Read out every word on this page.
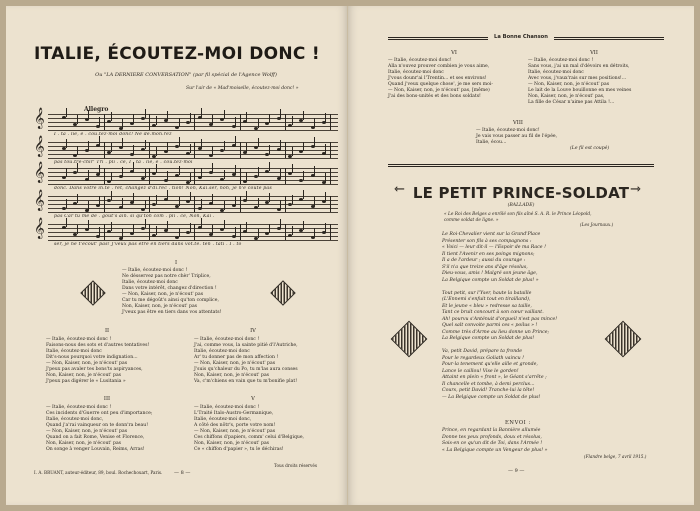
ITALIE, ÉCOUTEZ-MOI DONC !
Ou "LA DERNIERE CONVERSATION" (par fil spécial de l'Agence Wolff)
Sur l'air de « Mad'moiselle, écoutez-moi donc! »
Allegro
𝄞
I . ta . lie, é . cou.tez-moi donc! Ne de.mon.rez
𝄞
pas tou.tre-chir' Tri . pli . ce, I . ta . lie, é . cou.tez-moi
𝄞
donc. Dans votre in.té . rêt, changez d'di.rec . tion! Non, Kai.ser, non, je n'è coute pas
𝄞
pas Car tu me dé . goût's ain. si qu'ton com . pli . ce, Non, Kai .
𝄞
ser, je ne t'écout' pas! J'veux pas être en tiers dans vot.te. ten . tati . I . to
I
— Italie, écoutez-moi donc !
Ne désservez pas notre chèr' Triplice,
Italie, écoutez-moi donc
Dans votre intérêt, changez d'direction !
— Non, Kaiser, non, je n'écout' pas
Car tu me dégoût's ainsi qu'ton complice,
Non, Kaiser, non, je n'écout' pas
J'veux pas être en tiers dans vos attentats!
II
— Italie, écoutez-moi donc !
Faisons-nous des sots et d'autres tentatives!
Italie, écoutez-moi donc
Dit's-nous pourquoi votre indignation...
— Non, Kaiser, non, je n'écout' pas
J'peux pas avaler tes bons'ts aspiryances,
Non, Kaiser, non, je n'écout' pas
J'peux pas digérer le « Lusitania »
IV
— Italie, écoutez-moi donc !
J'ai, comme vous, la sainte pitié d'l'Autriche,
Italie, écoutez-moi donc
Ar' tu donner pas de mon affection !
— Non, Kaiser, non, je n'écout' pas
J'suis qu'chaleur du Po, tu m'las aura conses
Non, Kaiser, non, je n'écout' pas
Va, c'm'chiens en vain que tu m'bonifie plat!
III
— Italie, écoutez-moi donc !
Ces incidents d'Guerre ont peu d'importance;
Italie, écoutez-moi donc,
Quand j'a'rai vainqueur on te donn'ra beau!
— Non, Kaiser, non, je n'écout' pas
Quand on a fait Rome, Venise et Florence,
Non, Kaiser, non, je n'écout' pas
On songe à venger Louvain, Reims, Arras!
V
— Italie, écoutez-moi donc !
L'Traité Italo-Austro-Germanique,
Italie, écoutez-moi donc,
A côté des nôtr's, porte votre nom!
— Non, Kaiser, non, je n'écout' pas
Ces chiffons d'papiers, comm' celui d'Belgique,
Non, Kaiser, non, je n'écout' pas
Ce « chiffon d'papier », tu le déchiras!
I. A. BRUANT, auteur-éditeur, 89, boul. Rochechouart, Paris. — 8 —
Tous droits réservés
La Bonne Chanson
VI
— Italie, écoutez-moi donc!
Alla n'ouvez prouver combien je vous aime,
Italie, écoutez-moi donc
J'vous dounr'ai l'Trentin... et ses environs!
Quand j'veux quelque chose', je me sers moi-
— Non, Kaiser, non, je n'écout' pas, [même)
J'ai des bons-unités et des bons soldats!
VII
— Italie, écoutez-moi donc !
Sans vous, j'ai un mal d'dévoirs en détroits,
Italie, écoutez-moi donc
Avec vous, j'vaux'rais sur mes positions!...
— Non, Kaiser, non, je n'écout' pas
Le lait de la Louve bouillonne en mes veines
Non, Kaiser, non, je n'écout' pas,
La fille de César n'aime pas Attila !...
VIII
— Italie, écoutez-moi donc!
Je vais vous passer au fil de l'épée,
Italie, écou...
(Le fil est coupé)
⇽ LE PETIT PRINCE-SOLDAT ⇾
(BALLADE)
« Le Roi des Belges a enrôlé son fils aîné S. A. R. le Prince Léopold,
comme soldat de ligne. »
(Les Journaux.)
Le Roi-Chevalier vient sur la Grand'Place
Présenter son fils à ses compagnons :
« Voici — leur dit-il — l'Espoir de ma Race !
Il tient l'Avenir en ses poings mignons;
Il a de l'ardeur ; aussi du courage :
S'il n'a que treize ans d'âge résolus,
Dieu-vous, amis ! Malgré son jeune âge,
La Belgique compte un Soldat de plus! »

Tout petit, sur l'Yser, haute la bataille
(L'Ennemi s'enfuit tout en tirailland),
Et le jeune « bleu » redresse sa taille,
Tant ce bruit concourt à son cœur vaillant.
Ah! pourvu s'Anténuit d'orgueil n'est pas mince!
Quel salt convoite parmi ces « poilus » !
Comme très d'Arme au lieu donne un Prince;
La Belgique compte un Soldat de plus!

Va, petit David, prépare ta fronde
Pour le regardeux Goliath vaincu !
Pour-la tenement qu'elle aille et gronde,
Lance le caillou! Vise le gorden!
Attaint en plein « front », le Géant s'arrête ;
Il chancelle et tombe, à demi perclus...
Cours, petit David! Tranche-lui la tête!
— La Belgique compte un Soldat de plus!
ENVOI :
Prince, en regardant la Bannière allumée
Donne tes yeux profonds, doux et résolus,
Sois-en ce qu'un dit de Toi, dans l'Armée !
« La Belgique compte un Vengeur de plus! »
(Flandre belge, 7 avril 1915.)
— 9 —
